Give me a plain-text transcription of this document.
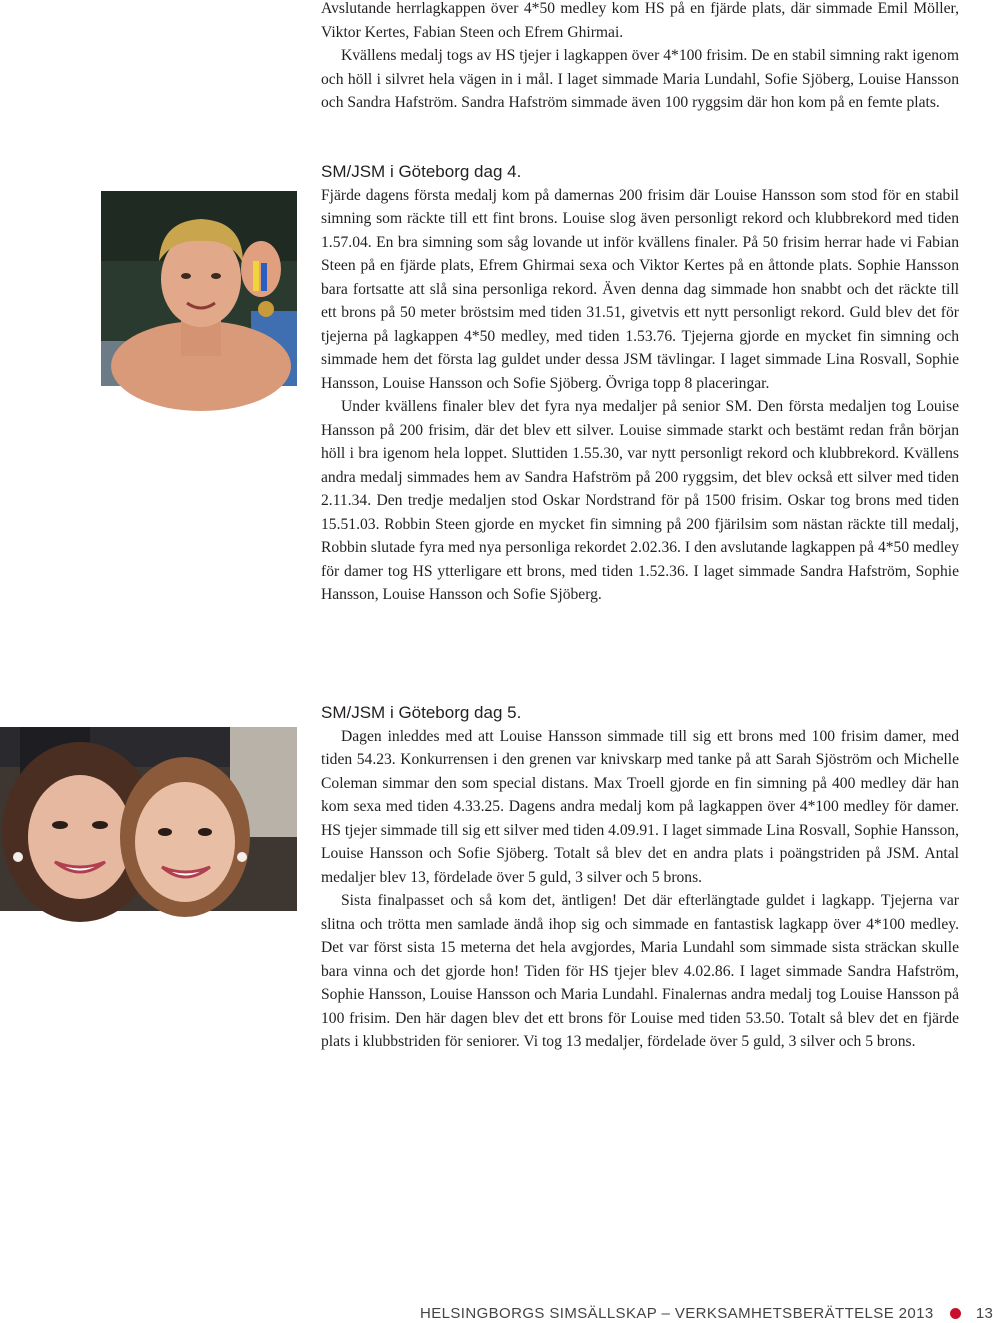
Avslutande herrlagkappen över 4*50 medley kom HS på en fjärde plats, där simmade Emil Möller, Viktor Kertes, Fabian Steen och Efrem Ghirmai.

Kvällens medalj togs av HS tjejer i lagkappen över 4*100 frisim. De en stabil simning rakt igenom och höll i silvret hela vägen in i mål. I laget simmade Maria Lundahl, Sofie Sjöberg, Louise Hansson och Sandra Hafström. Sandra Hafström simmade även 100 ryggsim där hon kom på en femte plats.

SM/JSM i Göteborg dag 4.

Fjärde dagens första medalj kom på damernas 200 frisim där Louise Hansson som stod för en stabil simning som räckte till ett fint brons. Louise slog även personligt rekord och klubbrekord med tiden 1.57.04. En bra simning som såg lovande ut inför kvällens finaler. På 50 frisim herrar hade vi Fabian Steen på en fjärde plats, Efrem Ghirmai sexa och Viktor Kertes på en åttonde plats. Sophie Hansson bara fortsatte att slå sina personliga rekord. Även denna dag simmade hon snabbt och det räckte till ett brons på 50 meter bröstsim med tiden 31.51, givetvis ett nytt personligt rekord. Guld blev det för tjejerna på lagkappen 4*50 medley, med tiden 1.53.76. Tjejerna gjorde en mycket fin simning och simmade hem det första lag guldet under dessa JSM tävlingar. I laget simmade Lina Rosvall, Sophie Hansson, Louise Hansson och Sofie Sjöberg. Övriga topp 8 placeringar.

Under kvällens finaler blev det fyra nya medaljer på senior SM. Den första medaljen tog Louise Hansson på 200 frisim, där det blev ett silver. Louise simmade starkt och bestämt redan från början höll i bra igenom hela loppet. Sluttiden 1.55.30, var nytt personligt rekord och klubbrekord. Kvällens andra medalj simmades hem av Sandra Hafström på 200 ryggsim, det blev också ett silver med tiden 2.11.34. Den tredje medaljen stod Oskar Nordstrand för på 1500 frisim. Oskar tog brons med tiden 15.51.03. Robbin Steen gjorde en mycket fin simning på 200 fjärilsim som nästan räckte till medalj, Robbin slutade fyra med nya personliga rekordet 2.02.36. I den avslutande lagkappen på 4*50 medley för damer tog HS ytterligare ett brons, med tiden 1.52.36. I laget simmade Sandra Hafström, Sophie Hansson, Louise Hansson och Sofie Sjöberg.

SM/JSM i Göteborg dag 5.

Dagen inleddes med att Louise Hansson simmade till sig ett brons med 100 frisim damer, med tiden 54.23. Konkurrensen i den grenen var knivskarp med tanke på att Sarah Sjöström och Michelle Coleman simmar den som special distans. Max Troell gjorde en fin simning på 400 medley där han kom sexa med tiden 4.33.25. Dagens andra medalj kom på lagkappen över 4*100 medley för damer. HS tjejer simmade till sig ett silver med tiden 4.09.91. I laget simmade Lina Rosvall, Sophie Hansson, Louise Hansson och Sofie Sjöberg. Totalt så blev det en andra plats i poängstriden på JSM. Antal medaljer blev 13, fördelade över 5 guld, 3 silver och 5 brons.

Sista finalpasset och så kom det, äntligen! Det där efterlängtade guldet i lagkapp. Tjejerna var slitna och trötta men samlade ändå ihop sig och simmade en fantastisk lagkapp över 4*100 medley. Det var först sista 15 meterna det hela avgjordes, Maria Lundahl som simmade sista sträckan skulle bara vinna och det gjorde hon! Tiden för HS tjejer blev 4.02.86. I laget simmade Sandra Hafström, Sophie Hansson, Louise Hansson och Maria Lundahl. Finalernas andra medalj tog Louise Hansson på 100 frisim. Den här dagen blev det ett brons för Louise med tiden 53.50. Totalt så blev det en fjärde plats i klubbstriden för seniorer. Vi tog 13 medaljer, fördelade över 5 guld, 3 silver och 5 brons.

HELSINGBORGS SIMSÄLLSKAP – VERKSAMHETSBERÄTTELSE 2013	13
